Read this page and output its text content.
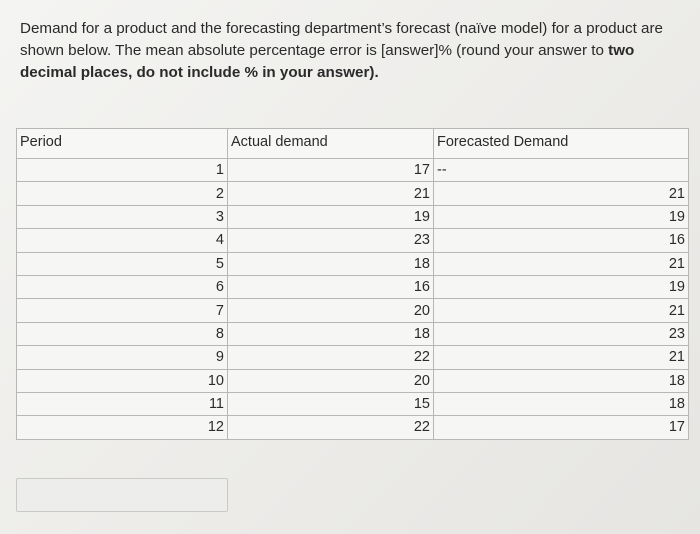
Demand for a product and the forecasting department’s forecast (naïve model) for a product are shown below. The mean absolute percentage error is [answer]% (round your answer to two decimal places, do not include % in your answer).
Period	Actual demand	Forecasted Demand
1	17	--
2	21	21
3	19	19
4	23	16
5	18	21
6	16	19
7	20	21
8	18	23
9	22	21
10	20	18
11	15	18
12	22	17
